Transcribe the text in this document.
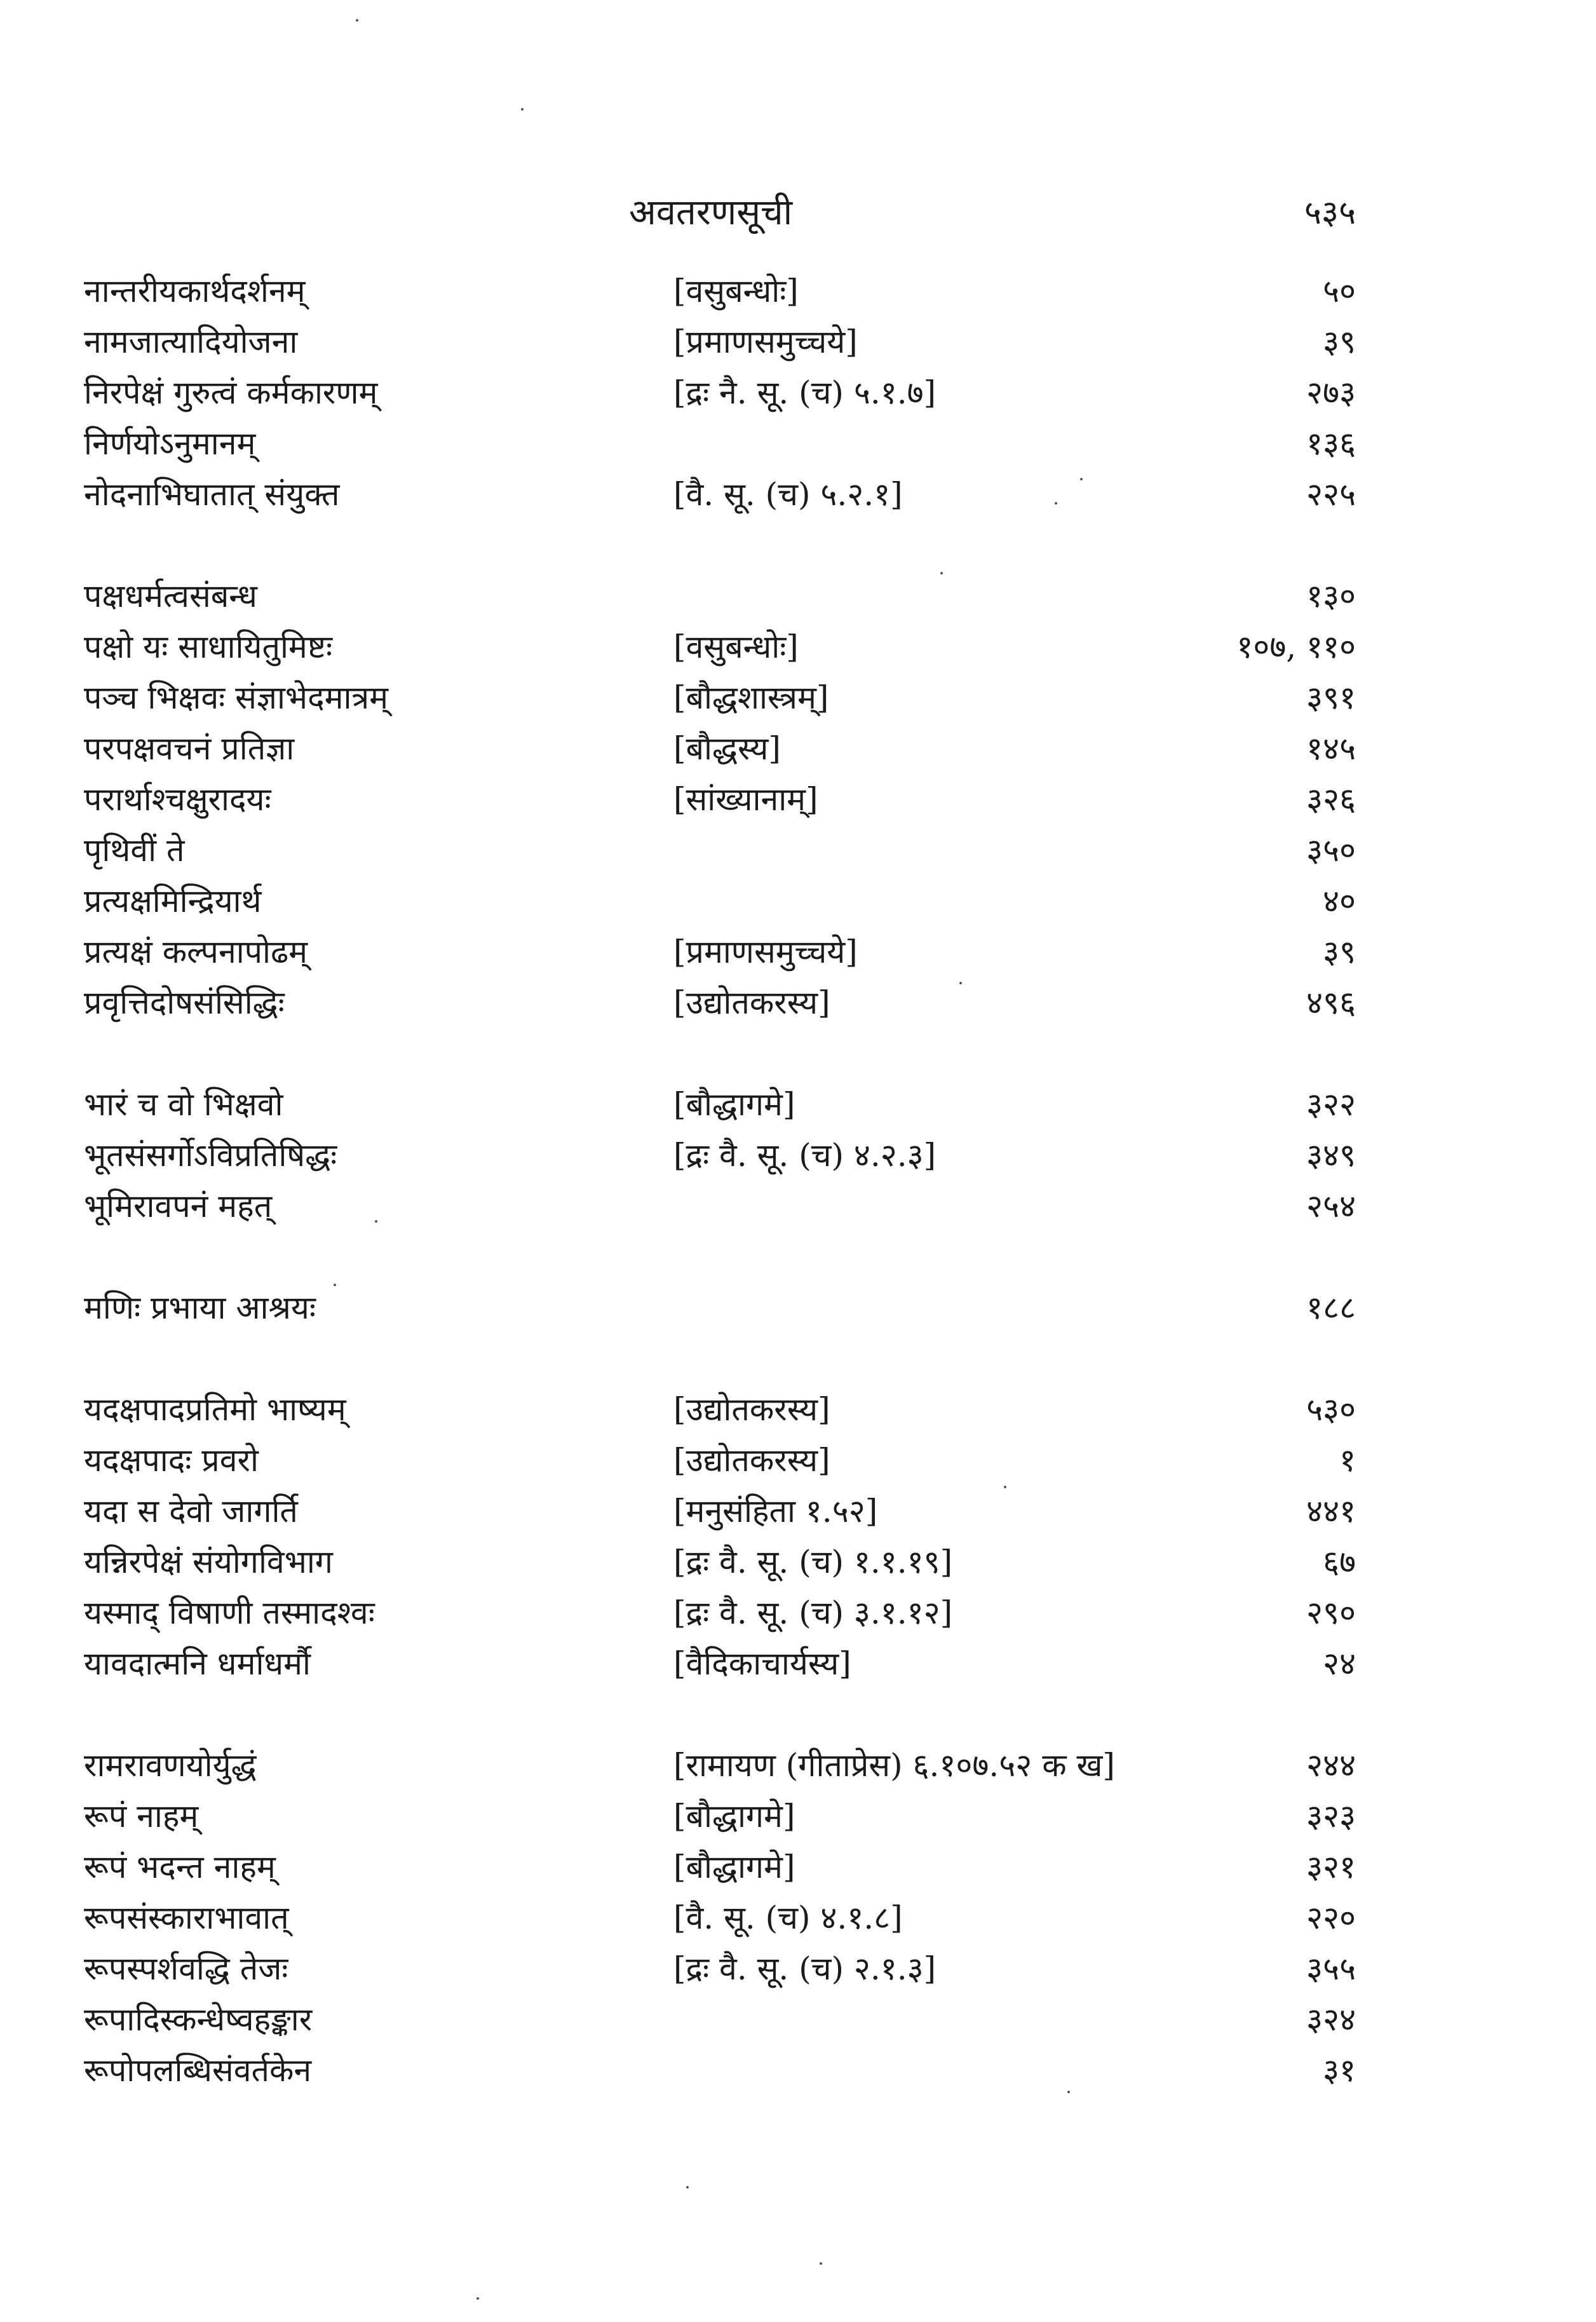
अवतरणसूची	५३५
नान्तरीयकार्थदर्शनम्	[वसुबन्धोः]	५०
नामजात्यादियोजना	[प्रमाणसमुच्चये]	३९
निरपेक्षं गुरुत्वं कर्मकारणम्	[द्रः नै. सू. (च) ५.१.७]	२७३
निर्णयोऽनुमानम्	१३६
नोदनाभिघातात् संयुक्त	[वै. सू. (च) ५.२.१]	२२५
पक्षधर्मत्वसंबन्ध	१३०
पक्षो यः साधायितुमिष्टः	[वसुबन्धोः]	१०७, ११०
पञ्च भिक्षवः संज्ञाभेदमात्रम्	[बौद्धशास्त्रम्]	३९१
परपक्षवचनं प्रतिज्ञा	[बौद्धस्य]	१४५
परार्थाश्चक्षुरादयः	[सांख्यानाम्]	३२६
पृथिवीं ते	३५०
प्रत्यक्षमिन्द्रियार्थ	४०
प्रत्यक्षं कल्पनापोढम्	[प्रमाणसमुच्चये]	३९
प्रवृत्तिदोषसंसिद्धिः	[उद्योतकरस्य]	४९६
भारं च वो भिक्षवो	[बौद्धागमे]	३२२
भूतसंसर्गोऽविप्रतिषिद्धः	[द्रः वै. सू. (च) ४.२.३]	३४९
भूमिरावपनं महत्	२५४
मणिः प्रभाया आश्रयः	१८८
यदक्षपादप्रतिमो भाष्यम्	[उद्योतकरस्य]	५३०
यदक्षपादः प्रवरो	[उद्योतकरस्य]	१
यदा स देवो जागर्ति	[मनुसंहिता १.५२]	४४१
यन्निरपेक्षं संयोगविभाग	[द्रः वै. सू. (च) १.१.१९]	६७
यस्माद् विषाणी तस्मादश्वः	[द्रः वै. सू. (च) ३.१.१२]	२९०
यावदात्मनि धर्माधर्मौ	[वैदिकाचार्यस्य]	२४
रामरावणयोर्युद्धं	[रामायण (गीताप्रेस) ६.१०७.५२ क ख]	२४४
रूपं नाहम्	[बौद्धागमे]	३२३
रूपं भदन्त नाहम्	[बौद्धागमे]	३२१
रूपसंस्काराभावात्	[वै. सू. (च) ४.१.८]	२२०
रूपस्पर्शवद्धि तेजः	[द्रः वै. सू. (च) २.१.३]	३५५
रूपादिस्कन्धेष्वहङ्कार	३२४
रूपोपलब्धिसंवर्तकेन	३१
